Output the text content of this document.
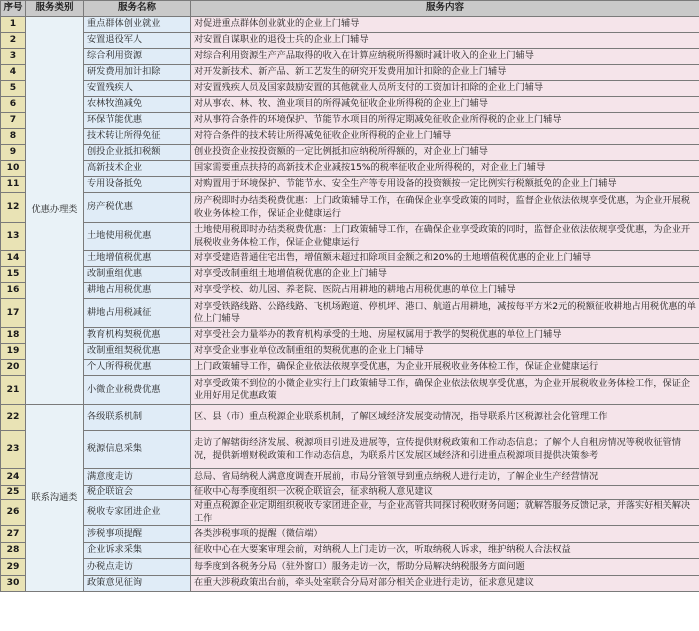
序号	服务类别	服务名称	服务内容
1	优惠办理类	重点群体创业就业	对促进重点群体创业就业的企业上门辅导
2		安置退役军人	对安置自谋职业的退役士兵的企业上门辅导
3		综合利用资源	对综合利用资源生产产品取得的收入在计算应纳税所得额时减计收入的企业上门辅导
4		研发费用加计扣除	对开发新技术、新产品、新工艺发生的研究开发费用加计扣除的企业上门辅导
5		安置残疾人	对安置残疾人员及国家鼓励安置的其他就业人员所支付的工资加计扣除的企业上门辅导
6		农林牧渔减免	对从事农、林、牧、渔业项目的所得减免征收企业所得税的企业上门辅导
7		环保节能优惠	对从事符合条件的环境保护、节能节水项目的所得定期减免征收企业所得税的企业上门辅导
8		技术转让所得免征	对符合条件的技术转让所得减免征收企业所得税的企业上门辅导
9		创投企业抵扣税额	创业投资企业按投资额的一定比例抵扣应纳税所得额的，对企业上门辅导
10		高新技术企业	国家需要重点扶持的高新技术企业减按15%的税率征收企业所得税的，对企业上门辅导
11		专用设备抵免	对购置用于环境保护、节能节水、安全生产等专用设备的投资额按一定比例实行税额抵免的企业上门辅导
12		房产税优惠	房产税即时办结类税费优惠：上门政策辅导工作，在确保企业享受政策的同时，监督企业依法依规享受优惠，为企业开展税收业务体检工作，保证企业健康运行
13		土地使用税优惠	土地使用税即时办结类税费优惠：上门政策辅导工作，在确保企业享受政策的同时，监督企业依法依规享受优惠，为企业开展税收业务体检工作，保证企业健康运行
14		土地增值税优惠	对享受建造普通住宅出售，增值额未超过扣除项目金额之和20%的土地增值税优惠的企业上门辅导
15		改制重组优惠	对享受改制重组土地增值税优惠的企业上门辅导
16		耕地占用税优惠	对享受学校、幼儿园、养老院、医院占用耕地的耕地占用税优惠的单位上门辅导
17		耕地占用税减征	对享受铁路线路、公路线路、飞机场跑道、停机坪、港口、航道占用耕地，减按每平方米2元的税额征收耕地占用税优惠的单位上门辅导
18		教育机构契税优惠	对享受社会力量举办的教育机构承受的土地、房屋权属用于教学的契税优惠的单位上门辅导
19		改制重组契税优惠	对享受企业事业单位改制重组的契税优惠的企业上门辅导
20		个人所得税优惠	上门政策辅导工作，确保企业依法依规享受优惠，为企业开展税收业务体检工作，保证企业健康运行
21		小微企业税费优惠	对享受政策不到位的小微企业实行上门政策辅导工作，确保企业依法依规享受优惠，为企业开展税收业务体检工作，保证企业用好用足优惠政策
22	联系沟通类	各级联系机制	区、县（市）重点税源企业联系机制，了解区域经济发展变动情况，指导联系片区税源社会化管理工作
23		税源信息采集	走访了解辖街经济发展、税源项目引进及进展等，宣传提供财税政策和工作动态信息；了解个人自租房情况等税收征管情况，提供新增财税政策和工作动态信息，为联系片区发展区域经济和引进重点税源项目提供决策参考
24		满意度走访	总局、省局纳税人满意度调查开展前，市局分管领导到重点纳税人进行走访，了解企业生产经营情况
25		税企联谊会	征收中心每季度组织一次税企联谊会，征求纳税人意见建议
26		税收专家团进企业	对重点税源企业定期组织税收专家团进企业，与企业高管共同探讨税收财务问题；就解答服务反馈记录，并落实好相关解决工作
27		涉税事项提醒	各类涉税事项的提醒（微信端）
28		企业诉求采集	征收中心在大要案审理会前，对纳税人上门走访一次，听取纳税人诉求，维护纳税人合法权益
29		办税点走访	每季度到各税务分局（驻外窗口）服务走访一次，帮助分局解决纳税服务方面问题
30		政策意见征询	在重大涉税政策出台前，牵头处室联合分局对部分相关企业进行走访，征求意见建议
